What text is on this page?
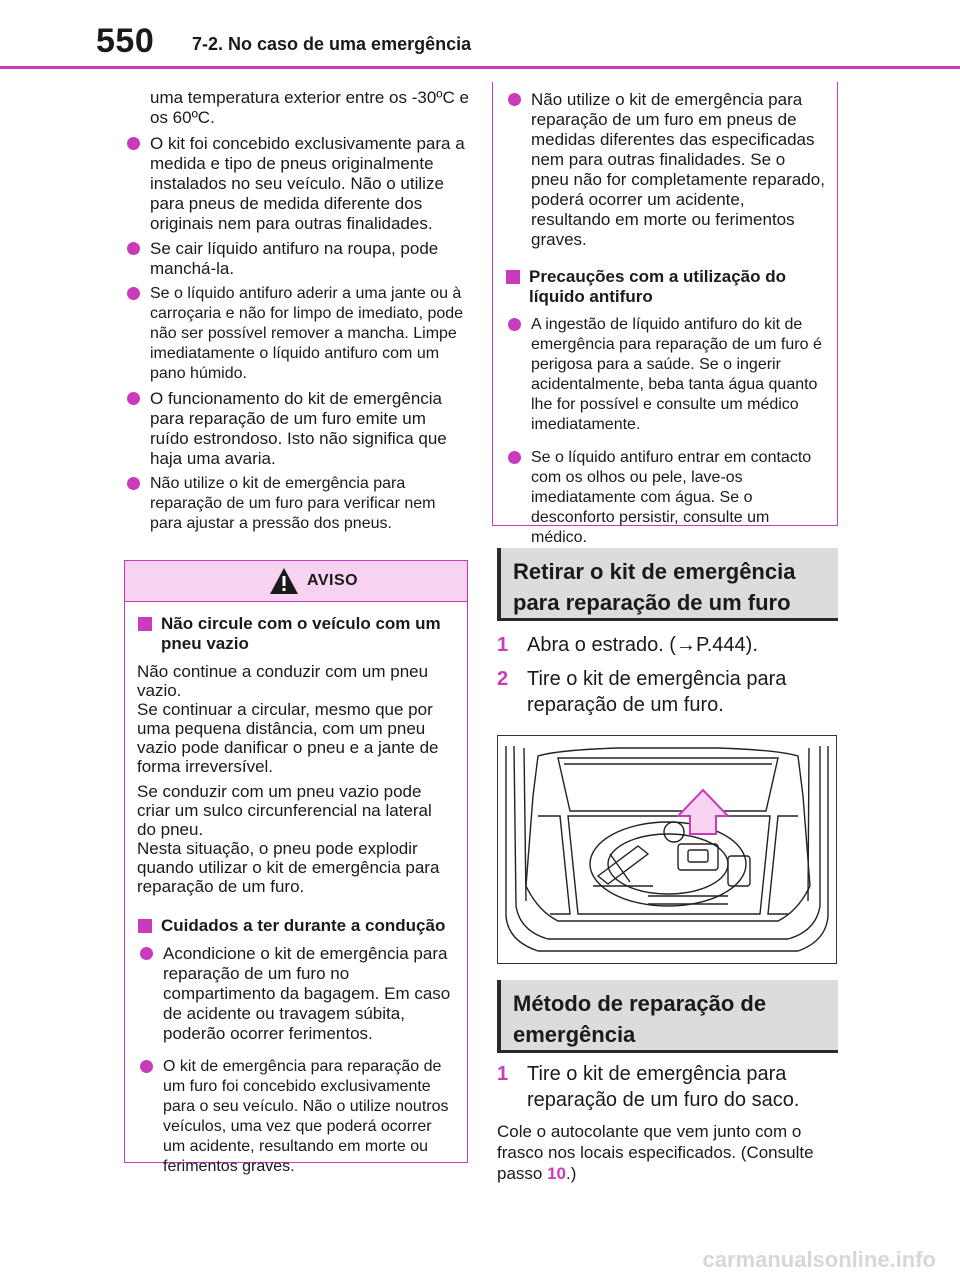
550 7-2. No caso de uma emergência

uma temperatura exterior entre os -30ºC e os 60ºC.

O kit foi concebido exclusivamente para a medida e tipo de pneus originalmente instalados no seu veículo. Não o utilize para pneus de medida diferente dos originais nem para outras finalidades.

Se cair líquido antifuro na roupa, pode manchá-la.

Se o líquido antifuro aderir a uma jante ou à carroçaria e não for limpo de imediato, pode não ser possível remover a mancha. Limpe imediatamente o líquido antifuro com um pano húmido.

O funcionamento do kit de emergência para reparação de um furo emite um ruído estrondoso. Isto não significa que haja uma avaria.

Não utilize o kit de emergência para reparação de um furo para verificar nem para ajustar a pressão dos pneus.

AVISO
Não circule com o veículo com um pneu vazio

Não continue a conduzir com um pneu vazio.
Se continuar a circular, mesmo que por uma pequena distância, com um pneu vazio pode danificar o pneu e a jante de forma irreversível.

Se conduzir com um pneu vazio pode criar um sulco circunferencial na lateral do pneu.
Nesta situação, o pneu pode explodir quando utilizar o kit de emergência para reparação de um furo.

Cuidados a ter durante a condução

Acondicione o kit de emergência para reparação de um furo no compartimento da bagagem. Em caso de acidente ou travagem súbita, poderão ocorrer ferimentos.

O kit de emergência para reparação de um furo foi concebido exclusivamente para o seu veículo. Não o utilize noutros veículos, uma vez que poderá ocorrer um acidente, resultando em morte ou ferimentos graves.

Não utilize o kit de emergência para reparação de um furo em pneus de medidas diferentes das especificadas nem para outras finalidades. Se o pneu não for completamente reparado, poderá ocorrer um acidente, resultando em morte ou ferimentos graves.

Precauções com a utilização do líquido antifuro

A ingestão de líquido antifuro do kit de emergência para reparação de um furo é perigosa para a saúde. Se o ingerir acidentalmente, beba tanta água quanto lhe for possível e consulte um médico imediatamente.

Se o líquido antifuro entrar em contacto com os olhos ou pele, lave-os imediatamente com água. Se o desconforto persistir, consulte um médico.

Retirar o kit de emergência para reparação de um furo
1 Abra o estrado. (→P.444).
2 Tire o kit de emergência para reparação de um furo.
Método de reparação de emergência
1 Tire o kit de emergência para reparação de um furo do saco.
Cole o autocolante que vem junto com o frasco nos locais especificados. (Consulte passo 10.)
carmanualsonline.info
